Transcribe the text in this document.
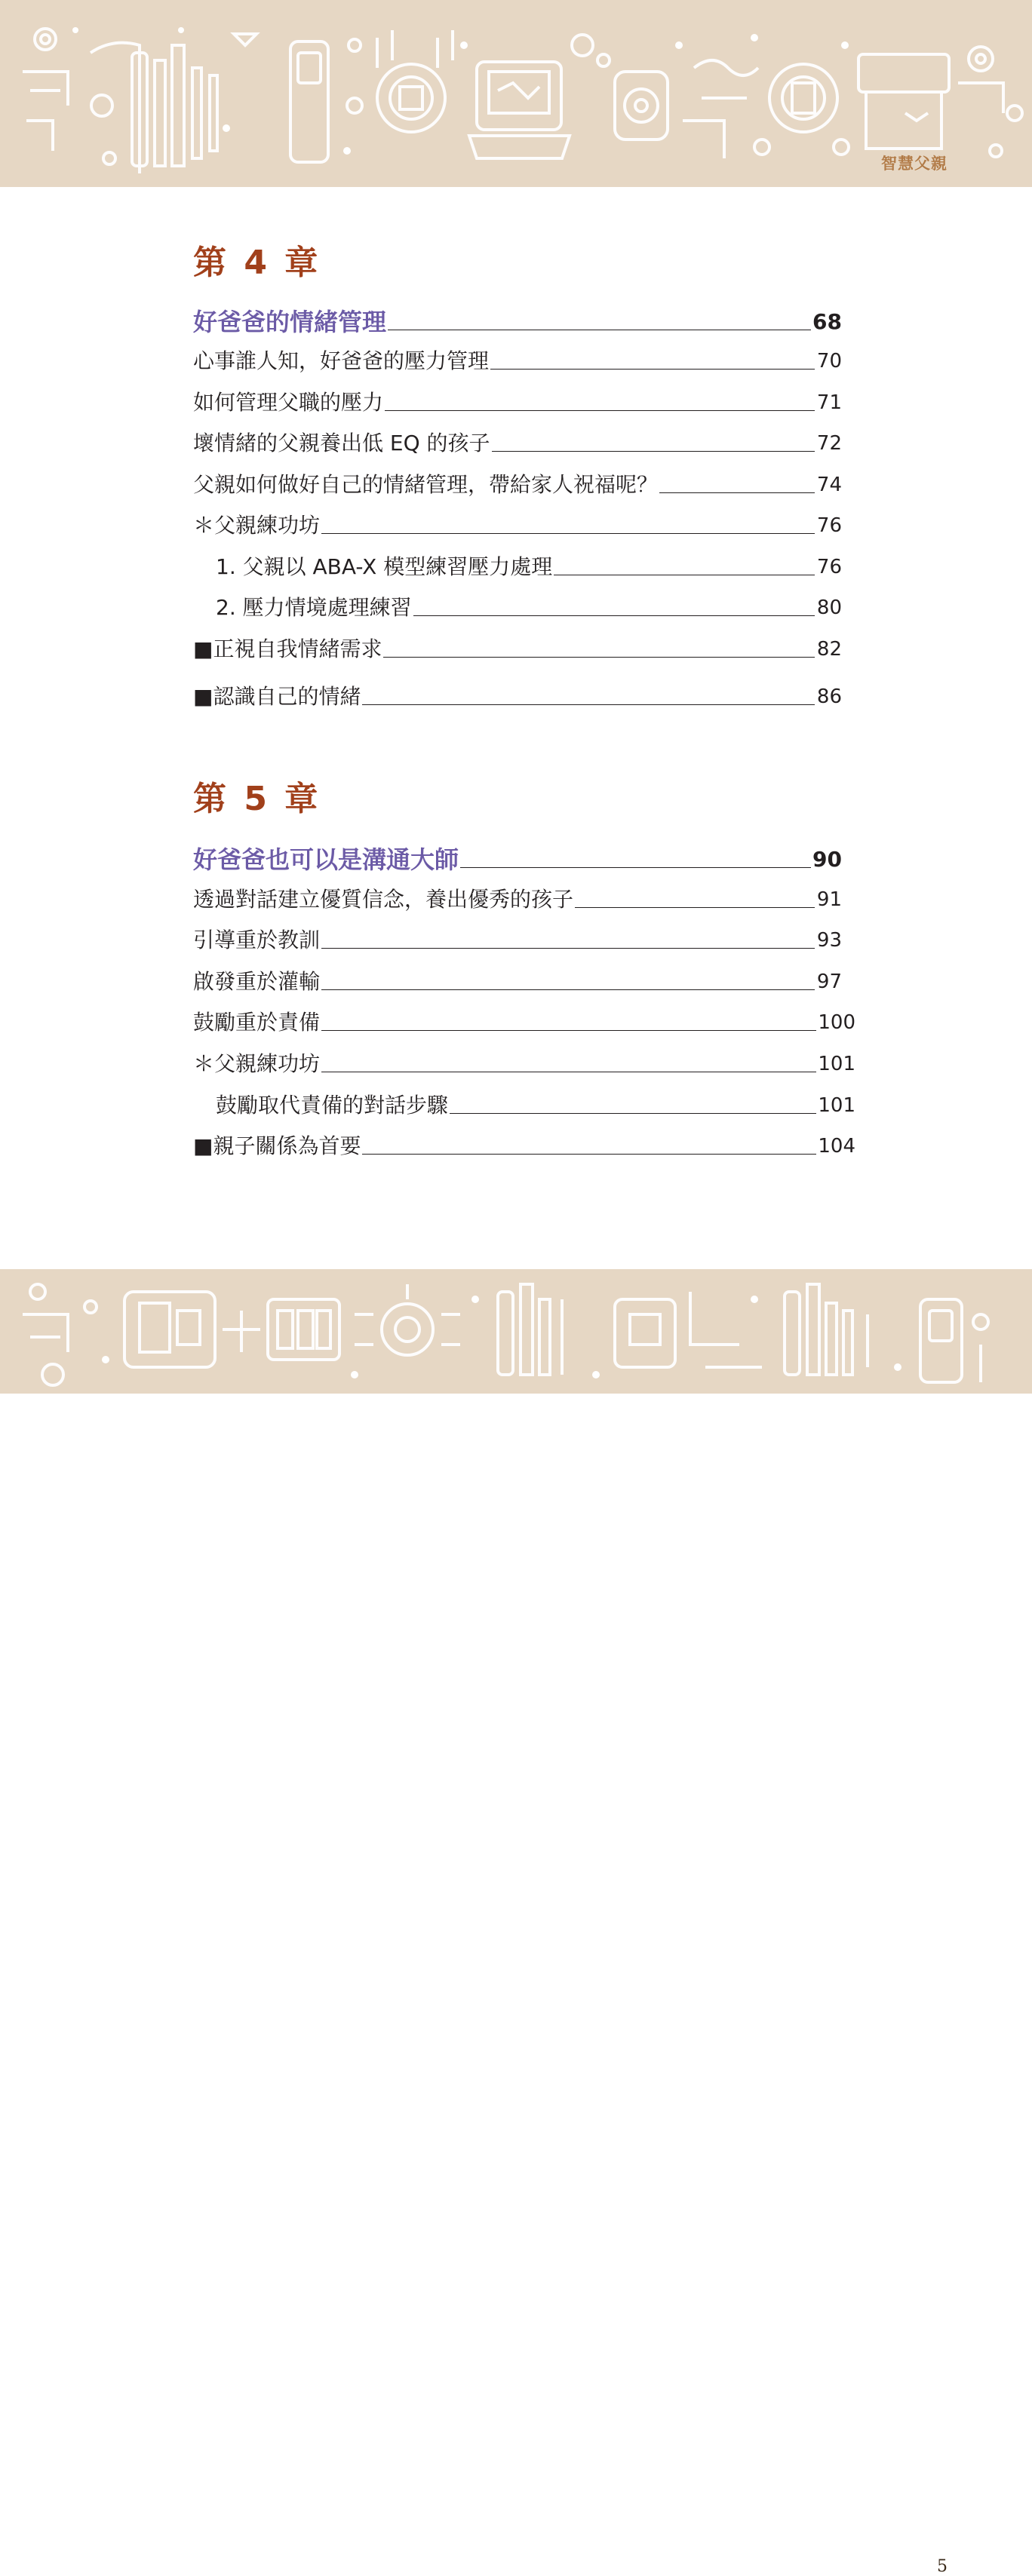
智慧父親
第 4 章
好爸爸的情緒管理	68
心事誰人知，好爸爸的壓力管理	70
如何管理父職的壓力	71
壞情緒的父親養出低 EQ 的孩子	72
父親如何做好自己的情緒管理，帶給家人祝福呢？	74
＊父親練功坊	76
1. 父親以 ABA-X 模型練習壓力處理	76
2. 壓力情境處理練習	80
■正視自我情緒需求	82
■認識自己的情緒	86
第 5 章
好爸爸也可以是溝通大師	90
透過對話建立優質信念，養出優秀的孩子	91
引導重於教訓	93
啟發重於灌輸	97
鼓勵重於責備	100
＊父親練功坊	101
鼓勵取代責備的對話步驟	101
■親子關係為首要	104
5
